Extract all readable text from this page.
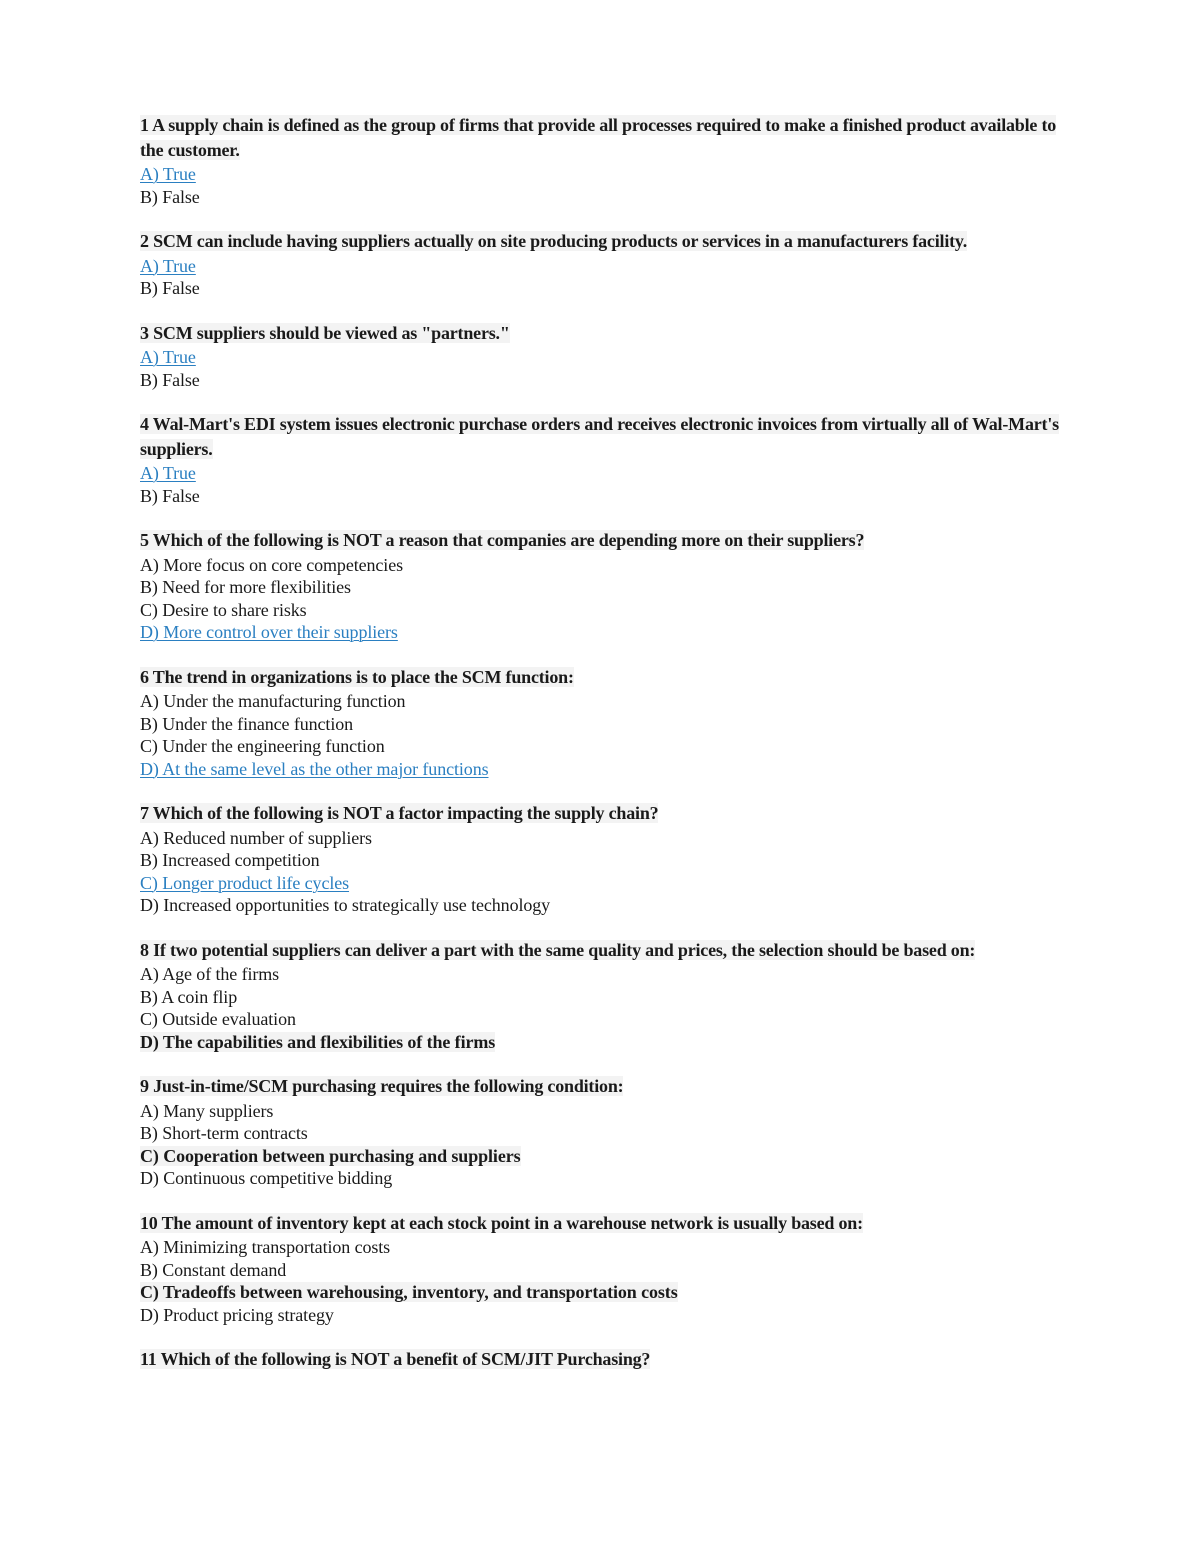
1 A supply chain is defined as the group of firms that provide all processes required to make a finished product available to the customer.
A) True
B) False
2 SCM can include having suppliers actually on site producing products or services in a manufacturers facility.
A) True
B) False
3 SCM suppliers should be viewed as "partners."
A) True
B) False
4 Wal-Mart's EDI system issues electronic purchase orders and receives electronic invoices from virtually all of Wal-Mart's suppliers.
A) True
B) False
5 Which of the following is NOT a reason that companies are depending more on their suppliers?
A) More focus on core competencies
B) Need for more flexibilities
C) Desire to share risks
D) More control over their suppliers
6 The trend in organizations is to place the SCM function:
A) Under the manufacturing function
B) Under the finance function
C) Under the engineering function
D) At the same level as the other major functions
7 Which of the following is NOT a factor impacting the supply chain?
A) Reduced number of suppliers
B) Increased competition
C) Longer product life cycles
D) Increased opportunities to strategically use technology
8 If two potential suppliers can deliver a part with the same quality and prices, the selection should be based on:
A) Age of the firms
B) A coin flip
C) Outside evaluation
D) The capabilities and flexibilities of the firms
9 Just-in-time/SCM purchasing requires the following condition:
A) Many suppliers
B) Short-term contracts
C) Cooperation between purchasing and suppliers
D) Continuous competitive bidding
10 The amount of inventory kept at each stock point in a warehouse network is usually based on:
A) Minimizing transportation costs
B) Constant demand
C) Tradeoffs between warehousing, inventory, and transportation costs
D) Product pricing strategy
11 Which of the following is NOT a benefit of SCM/JIT Purchasing?
